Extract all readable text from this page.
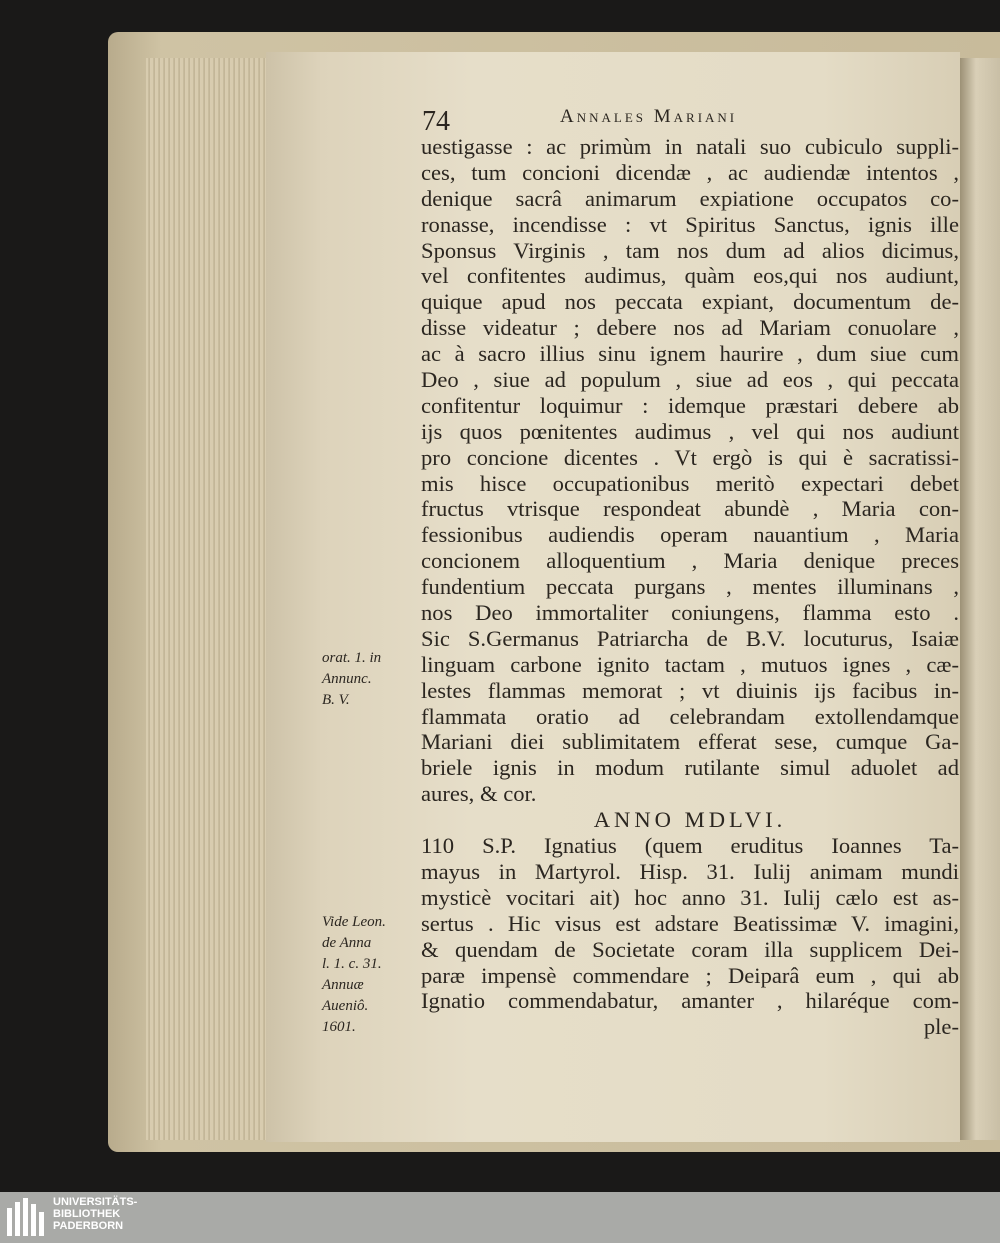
74	Annales Mariani
uestigasse : ac primùm in natali suo cubiculo suppli-
ces, tum concioni dicendæ , ac audiendæ intentos ,
denique sacrâ animarum expiatione occupatos co-
ronasse, incendisse : vt Spiritus Sanctus, ignis ille
Sponsus Virginis , tam nos dum ad alios dicimus,
vel confitentes audimus, quàm eos,qui nos audiunt,
quique apud nos peccata expiant, documentum de-
disse videatur ; debere nos ad Mariam conuolare ,
ac à sacro illius sinu ignem haurire , dum siue cum
Deo , siue ad populum , siue ad eos , qui peccata
confitentur loquimur : idemque præstari debere ab
ijs quos pœnitentes audimus , vel qui nos audiunt
pro concione dicentes . Vt ergò is qui è sacratissi-
mis hisce occupationibus meritò expectari debet
fructus vtrisque respondeat abundè , Maria con-
fessionibus audiendis operam nauantium , Maria
concionem alloquentium , Maria denique preces
fundentium peccata purgans , mentes illuminans ,
nos Deo immortaliter coniungens, flamma esto .
Sic S.Germanus Patriarcha de B.V. locuturus, Isaiæ
linguam carbone ignito tactam , mutuos ignes , cæ-
lestes flammas memorat ; vt diuinis ijs facibus in-
flammata oratio ad celebrandam extollendamque
Mariani diei sublimitatem efferat sese, cumque Ga-
briele ignis in modum rutilante simul aduolet ad
aures, & cor.
ANNO MDLVI.
110 S.P. Ignatius (quem eruditus Ioannes Ta-
mayus in Martyrol. Hisp. 31. Iulij animam mundi
mysticè vocitari ait) hoc anno 31. Iulij cælo est as-
sertus . Hic visus est adstare Beatissimæ V. imagini,
& quendam de Societate coram illa supplicem Dei-
paræ impensè commendare ; Deiparâ eum , qui ab
Ignatio commendabatur, amanter , hilaréque com-
ple-
orat. 1. in
Annunc.
B. V.
Vide Leon.
de Anna
l. 1. c. 31.
Annuæ
Aueniô.
1601.
UNIVERSITÄTS-
BIBLIOTHEK
PADERBORN
